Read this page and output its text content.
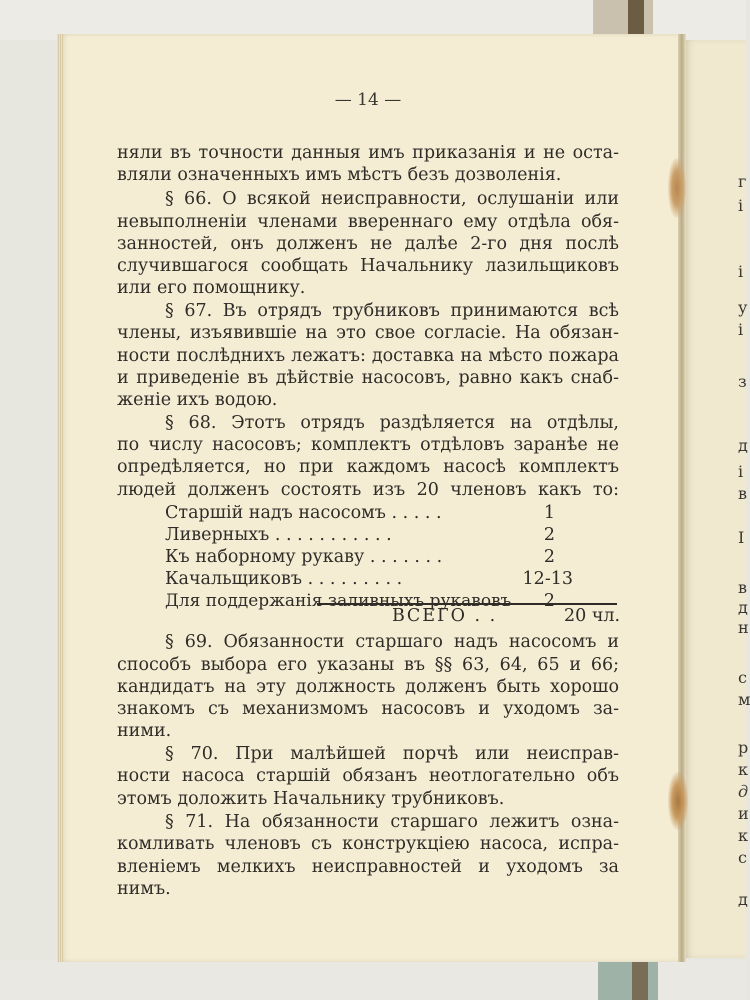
— 14 —
няли въ точности данныя имъ приказанія и не оста-
вляли означенныхъ имъ мѣстъ безъ дозволенія.
§ 66. О всякой неисправности, ослушаніи или
невыполненіи членами ввереннаго ему отдѣла обя-
занностей, онъ долженъ не далѣе 2-го дня послѣ
случившагося сообщать Начальнику лазильщиковъ
или его помощнику.
§ 67. Въ отрядъ трубниковъ принимаются всѣ
члены, изъявившіе на это свое согласіе. На обязан-
ности послѣднихъ лежатъ: доставка на мѣсто пожара
и приведеніе въ дѣйствіе насосовъ, равно какъ снаб-
женіе ихъ водою.
§ 68. Этотъ отрядъ раздѣляется на отдѣлы,
по числу насосовъ; комплектъ отдѣловъ заранѣе не
опредѣляется, но при каждомъ насосѣ комплектъ
людей долженъ состоять изъ 20 членовъ какъ то:
Старшій надъ насосомъ . . . . .	1
Ливерныхъ . . . . . . . . . . .	2
Къ наборному рукаву . . . . . . .	2
Качальщиковъ . . . . . . . . .	12-13
Для поддержанія заливныхъ рукавовъ 2
ВСЕГО . .	20 чл.
§ 69. Обязанности старшаго надъ насосомъ и
способъ выбора его указаны въ §§ 63, 64, 65 и 66;
кандидатъ на эту должность долженъ быть хорошо
знакомъ съ механизмомъ насосовъ и уходомъ за-
ними.
§ 70. При малѣйшей порчѣ или неисправ-
ности насоса старшій обязанъ неотлогательно объ
этомъ доложить Начальнику трубниковъ.
§ 71. На обязанности старшаго лежитъ озна-
комливать членовъ съ конструкціею насоса, испра-
вленіемъ мелкихъ неисправностей и уходомъ за
нимъ.
г
і
і
у
і
з
д
і
в
І
в
д
н
с
м
р
к
д
и
к
с
д
